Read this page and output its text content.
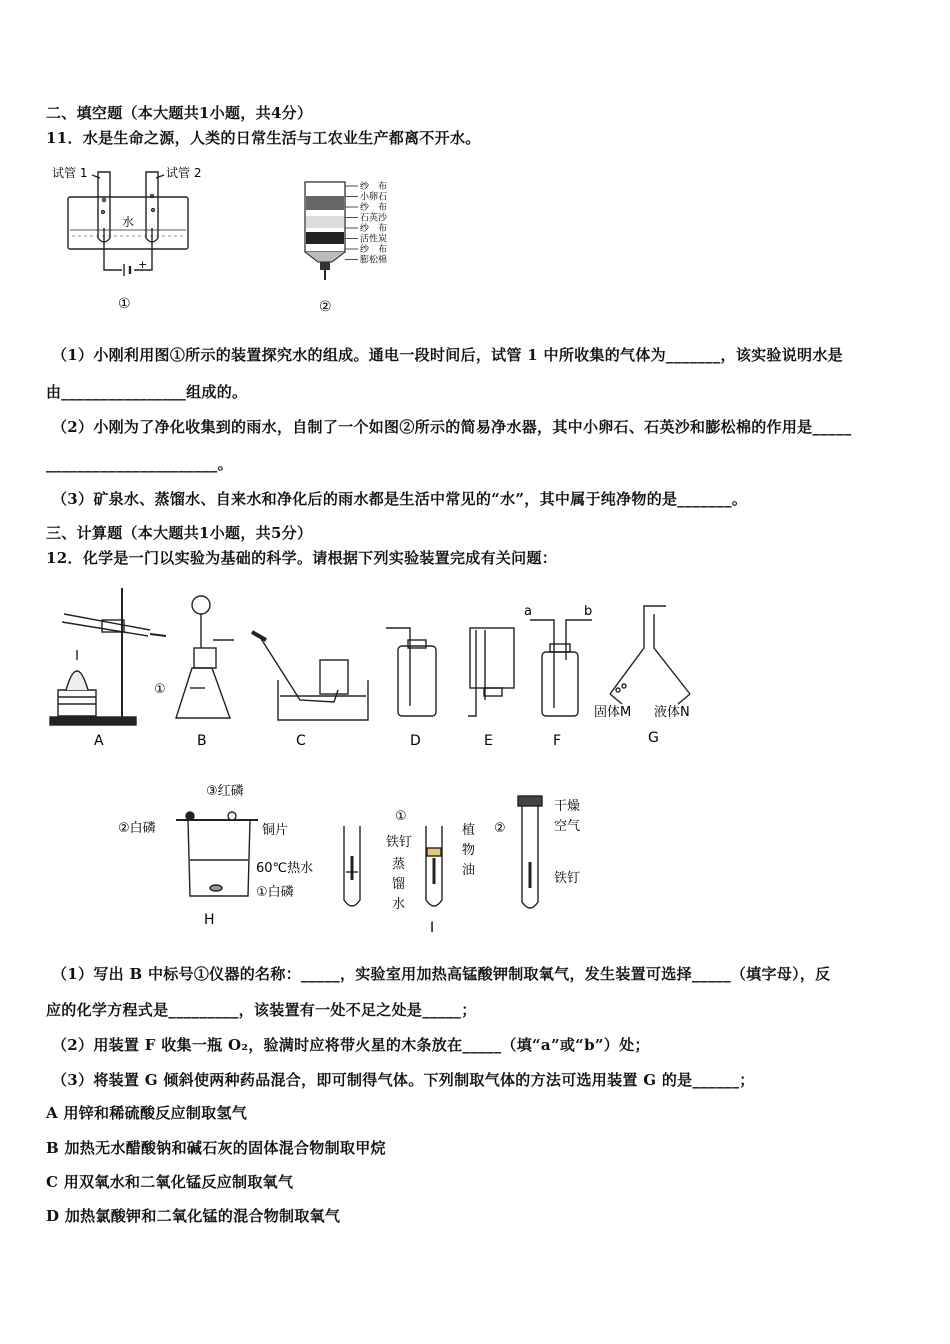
二、填空题（本大题共1小题，共4分）
11．水是生命之源，人类的日常生活与工农业生产都离不开水。
（1）小刚利用图①所示的装置探究水的组成。通电一段时间后，试管 1 中所收集的气体为_______，该实验说明水是
由________________组成的。
（2）小刚为了净化收集到的雨水，自制了一个如图②所示的简易净水器，其中小卵石、石英沙和膨松棉的作用是_____
______________________。
（3）矿泉水、蒸馏水、自来水和净化后的雨水都是生活中常见的“水”，其中属于纯净物的是_______。
三、计算题（本大题共1小题，共5分）
12．化学是一门以实验为基础的科学。请根据下列实验装置完成有关问题：
（1）写出 B 中标号①仪器的名称：_____，实验室用加热高锰酸钾制取氧气，发生装置可选择_____（填字母），反
应的化学方程式是_________，该装置有一处不足之处是_____；
（2）用装置 F 收集一瓶 O₂，验满时应将带火星的木条放在_____（填“a”或“b”）处；
（3）将装置 G 倾斜使两种药品混合，即可制得气体。下列制取气体的方法可选用装置 G 的是______；
A 用锌和稀硫酸反应制取氢气
B 加热无水醋酸钠和碱石灰的固体混合物制取甲烷
C 用双氧水和二氧化锰反应制取氧气
D 加热氯酸钾和二氧化锰的混合物制取氧气
试管 1	试管 2
水
+
①
纱　布
小卵石
纱　布
石英沙
纱　布
活性炭
纱　布
膨松棉
②
A	B	C	D	E	F	G
H	I
①
a	b
固体M 液体N
②白磷
③红磷
铜片
60℃热水
①白磷
①
铁钉
植
物
油
蒸
馏
水
②
干燥
空气
铁钉
